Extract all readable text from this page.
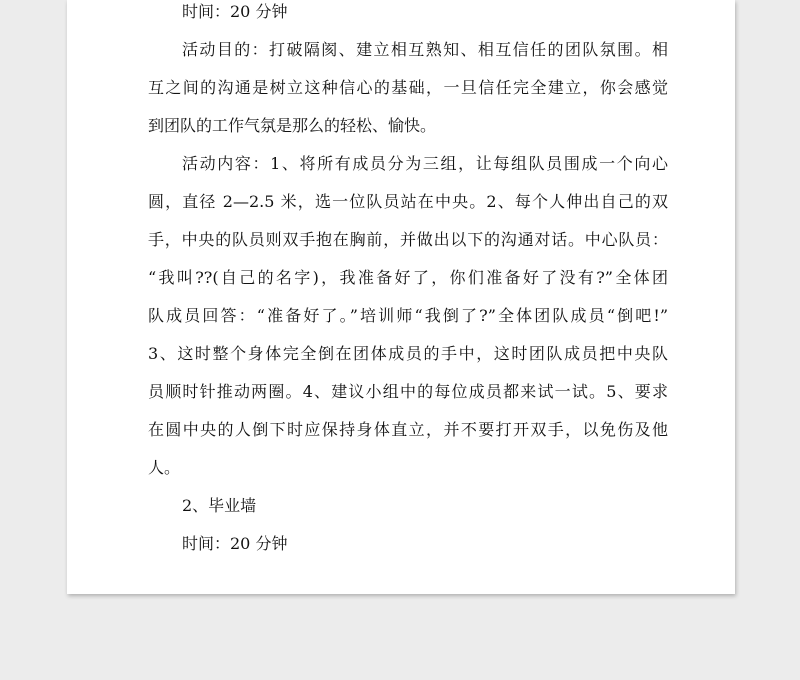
时间：20 分钟
活动目的：打破隔阂、建立相互熟知、相互信任的团队氛围。相
互之间的沟通是树立这种信心的基础，一旦信任完全建立，你会感觉
到团队的工作气氛是那么的轻松、愉快。
活动内容：1、将所有成员分为三组，让每组队员围成一个向心
圆，直径 2—2.5 米，选一位队员站在中央。2、每个人伸出自己的双
手，中央的队员则双手抱在胸前，并做出以下的沟通对话。中心队员：
“我叫??(自己的名字)，我准备好了，你们准备好了没有?”全体团
队成员回答：“准备好了。”培训师“我倒了?”全体团队成员“倒吧!”
3、这时整个身体完全倒在团体成员的手中，这时团队成员把中央队
员顺时针推动两圈。4、建议小组中的每位成员都来试一试。5、要求
在圆中央的人倒下时应保持身体直立，并不要打开双手，以免伤及他
人。
2、毕业墙
时间：20 分钟
